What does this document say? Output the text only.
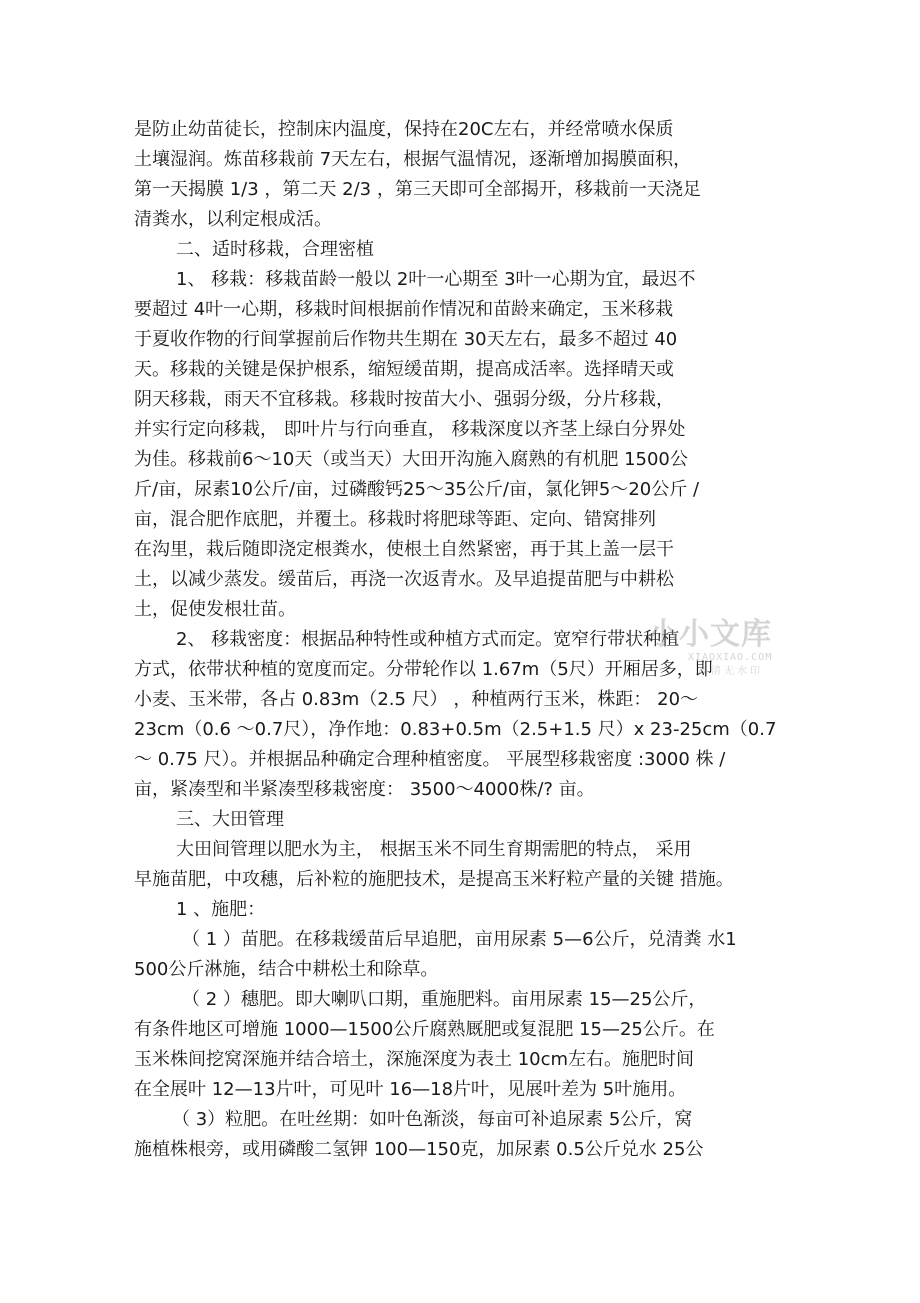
是防止幼苗徒长，控制床内温度，保持在20C左右，并经常喷水保质
土壤湿润。炼苗移栽前 7天左右，根据气温情况，逐渐增加揭膜面积，
第一天揭膜 1/3 ，第二天 2/3 ，第三天即可全部揭开，移栽前一天浇足
清粪水，以利定根成活。
二、适时移栽，合理密植
1、 移栽：移栽苗龄一般以 2叶一心期至 3叶一心期为宜，最迟不
要超过 4叶一心期，移栽时间根据前作情况和苗龄来确定，玉米移栽
于夏收作物的行间掌握前后作物共生期在 30天左右，最多不超过 40
天。移栽的关键是保护根系，缩短缓苗期，提高成活率。选择晴天或
阴天移栽，雨天不宜移栽。移栽时按苗大小、强弱分级，分片移栽，
并实行定向移栽， 即叶片与行向垂直， 移栽深度以齐茎上绿白分界处
为佳。移栽前6〜10天（或当天）大田开沟施入腐熟的有机肥 1500公
斤/亩，尿素10公斤/亩，过磷酸钙25〜35公斤/亩，氯化钾5〜20公斤 /
亩，混合肥作底肥，并覆土。移栽时将肥球等距、定向、错窝排列
在沟里，栽后随即浇定根粪水，使根土自然紧密，再于其上盖一层干
土，以减少蒸发。缓苗后，再浇一次返青水。及早追提苗肥与中耕松
土，促使发根壮苗。
2、 移栽密度：根据品种特性或种植方式而定。宽窄行带状种植
方式，依带状种植的宽度而定。分带轮作以 1.67m（5尺）开厢居多，即
小麦、玉米带，各占 0.83m（2.5 尺） ，种植两行玉米，株距： 20〜
23cm（0.6 〜0.7尺），净作地：0.83+0.5m（2.5+1.5 尺）x 23-25cm（0.7
〜 0.75 尺）。并根据品种确定合理种植密度。 平展型移栽密度 :3000 株 /
亩，紧凑型和半紧凑型移栽密度： 3500〜4000株/? 亩。
三、大田管理
大田间管理以肥水为主， 根据玉米不同生育期需肥的特点， 采用
早施苗肥，中攻穗，后补粒的施肥技术，是提高玉米籽粒产量的关键 措施。
1 、施肥：
（ 1 ）苗肥。在移栽缓苗后早追肥，亩用尿素 5—6公斤，兑清粪 水1
500公斤淋施，结合中耕松土和除草。
（ 2 ）穗肥。即大喇叭口期，重施肥料。亩用尿素 15—25公斤，
有条件地区可增施 1000—1500公斤腐熟厩肥或复混肥 15—25公斤。在
玉米株间挖窝深施并结合培土，深施深度为表土 10cm左右。施肥时间
在全展叶 12—13片叶，可见叶 16—18片叶，见展叶差为 5叶施用。
（ 3）粒肥。在吐丝期：如叶色渐淡，每亩可补追尿素 5公斤，窝
施植株根旁，或用磷酸二氢钾 100—150克，加尿素 0.5公斤兑水 25公
小小文库
XIAOXIAO.COM
高清无水印
